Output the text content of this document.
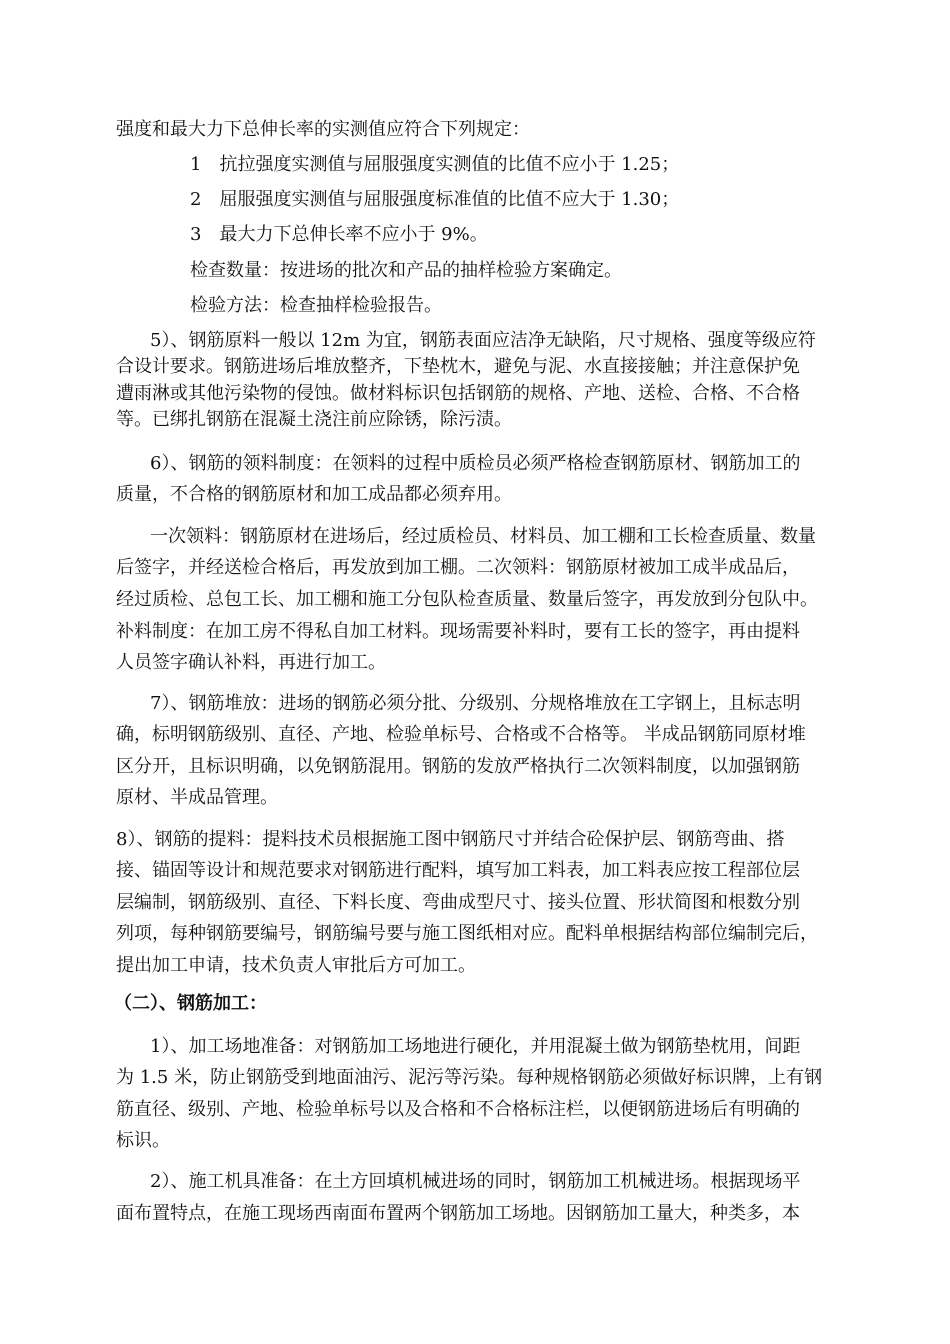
强度和最大力下总伸长率的实测值应符合下列规定：
1　抗拉强度实测值与屈服强度实测值的比值不应小于 1.25；
2　屈服强度实测值与屈服强度标准值的比值不应大于 1.30；
3　最大力下总伸长率不应小于 9%。
检查数量：按进场的批次和产品的抽样检验方案确定。
检验方法：检查抽样检验报告。
5）、钢筋原料一般以 12m 为宜，钢筋表面应洁净无缺陷，尺寸规格、强度等级应符
合设计要求。钢筋进场后堆放整齐，下垫枕木，避免与泥、水直接接触；并注意保护免
遭雨淋或其他污染物的侵蚀。做材料标识包括钢筋的规格、产地、送检、合格、不合格
等。已绑扎钢筋在混凝土浇注前应除锈，除污渍。
6）、钢筋的领料制度：在领料的过程中质检员必须严格检查钢筋原材、钢筋加工的
质量，不合格的钢筋原材和加工成品都必须弃用。
一次领料：钢筋原材在进场后，经过质检员、材料员、加工棚和工长检查质量、数量
后签字，并经送检合格后，再发放到加工棚。二次领料：钢筋原材被加工成半成品后，
经过质检、总包工长、加工棚和施工分包队检查质量、数量后签字，再发放到分包队中。
补料制度：在加工房不得私自加工材料。现场需要补料时，要有工长的签字，再由提料
人员签字确认补料，再进行加工。
7）、钢筋堆放：进场的钢筋必须分批、分级别、分规格堆放在工字钢上，且标志明
确，标明钢筋级别、直径、产地、检验单标号、合格或不合格等。 半成品钢筋同原材堆
区分开，且标识明确，以免钢筋混用。钢筋的发放严格执行二次领料制度，以加强钢筋
原材、半成品管理。
8）、钢筋的提料：提料技术员根据施工图中钢筋尺寸并结合砼保护层、钢筋弯曲、搭
接、锚固等设计和规范要求对钢筋进行配料，填写加工料表，加工料表应按工程部位层
层编制，钢筋级别、直径、下料长度、弯曲成型尺寸、接头位置、形状简图和根数分别
列项，每种钢筋要编号，钢筋编号要与施工图纸相对应。配料单根据结构部位编制完后，
提出加工申请，技术负责人审批后方可加工。
（二）、钢筋加工：
1）、加工场地准备：对钢筋加工场地进行硬化，并用混凝土做为钢筋垫枕用，间距
为 1.5 米，防止钢筋受到地面油污、泥污等污染。每种规格钢筋必须做好标识牌，上有钢
筋直径、级别、产地、检验单标号以及合格和不合格标注栏，以便钢筋进场后有明确的
标识。
2）、施工机具准备：在土方回填机械进场的同时，钢筋加工机械进场。根据现场平
面布置特点，在施工现场西南面布置两个钢筋加工场地。因钢筋加工量大，种类多，本
